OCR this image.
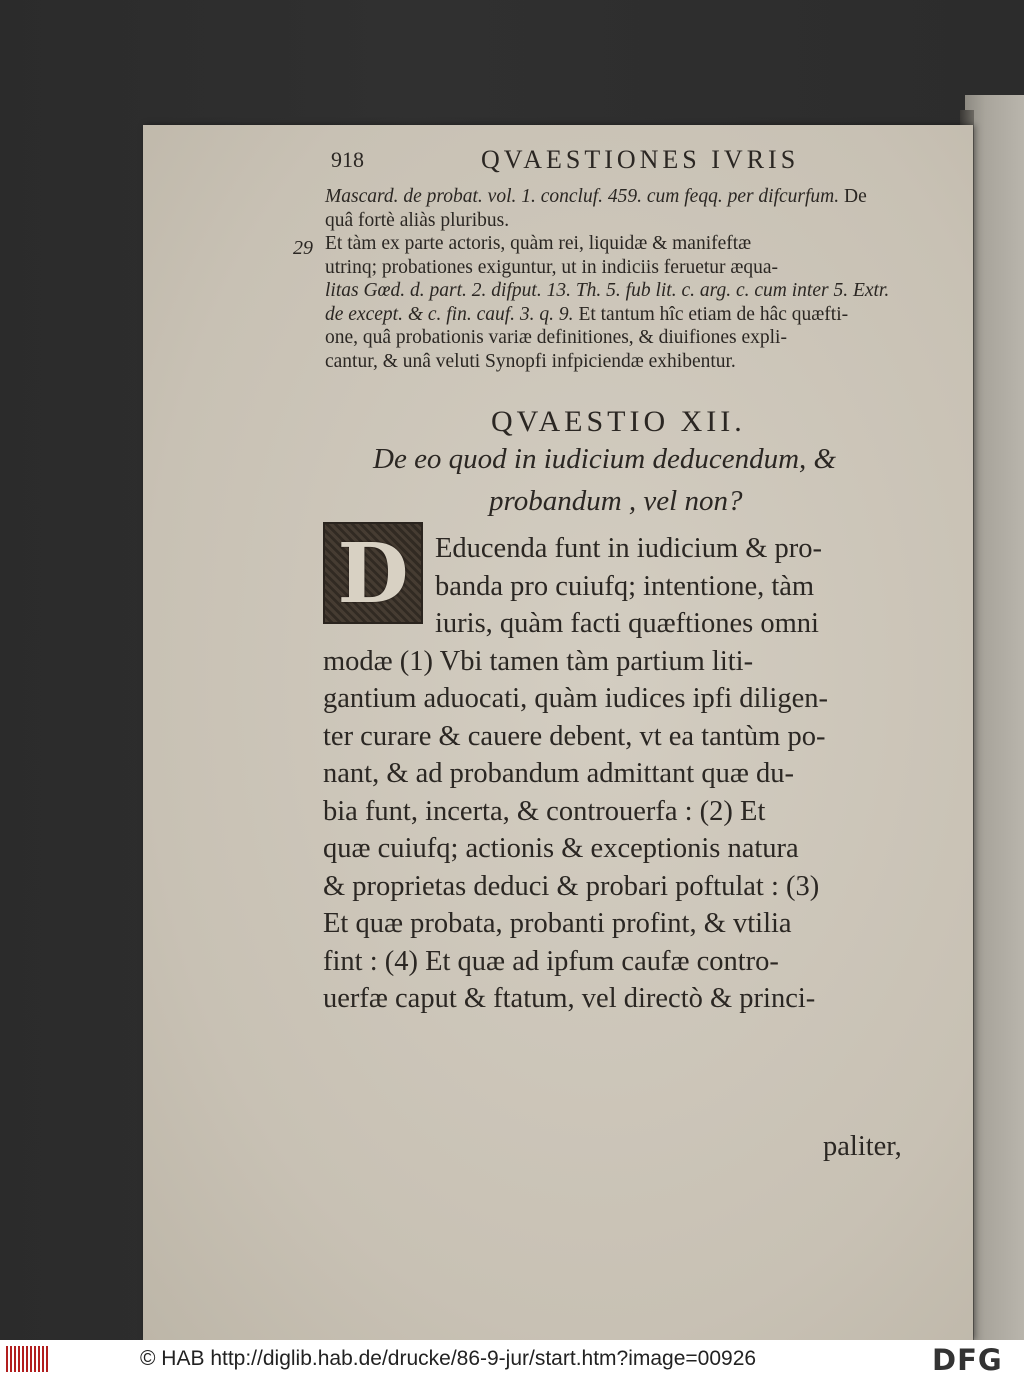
918	QVAESTIONES IVRIS
29
Mascard. de probat. vol. 1. concluf. 459. cum feqq. per difcurfum. De
quâ fortè aliàs pluribus.
Et tàm ex parte actoris, quàm rei, liquidæ & manifeftæ
utrinq; probationes exiguntur, ut in indiciis feruetur æqua-
litas Gœd. d. part. 2. difput. 13. Th. 5. fub lit. c. arg. c. cum inter 5. Extr.
de except. & c. fin. cauf. 3. q. 9. Et tantum hîc etiam de hâc quæfti-
one, quâ probationis variæ definitiones, & diuifiones expli-
cantur, & unâ veluti Synopfi infpiciendæ exhibentur.
QVAESTIO XII.
De eo quod in iudicium deducendum, &
probandum , vel non?
D Educenda funt in iudicium & pro-
banda pro cuiufq; intentione, tàm
iuris, quàm facti quæftiones omni
modæ (1) Vbi tamen tàm partium liti-
gantium aduocati, quàm iudices ipfi diligen-
ter curare & cauere debent, vt ea tantùm po-
nant, & ad probandum admittant quæ du-
bia funt, incerta, & controuerfa : (2) Et
quæ cuiufq; actionis & exceptionis natura
& proprietas deduci & probari poftulat : (3)
Et quæ probata, probanti profint, & vtilia
fint : (4) Et quæ ad ipfum caufæ contro-
uerfæ caput & ftatum, vel directò & princi-
paliter,
© HAB http://diglib.hab.de/drucke/86-9-jur/start.htm?image=00926	DFG
